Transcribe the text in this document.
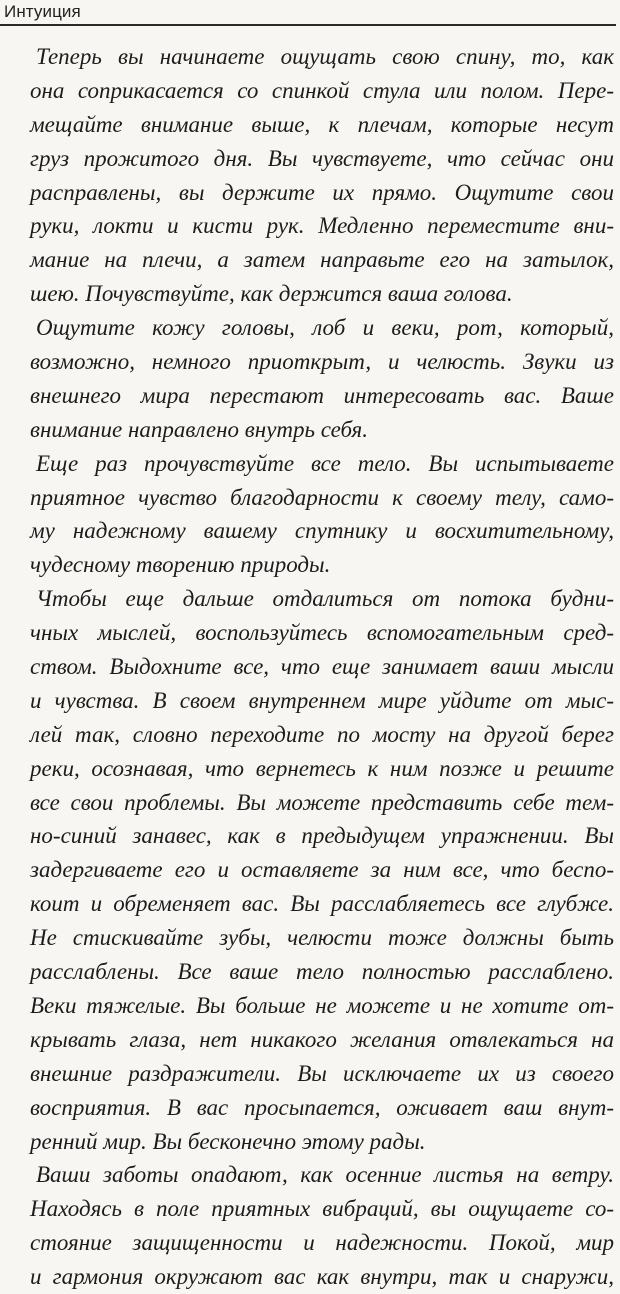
Интуиция

Теперь вы начинаете ощущать свою спину, то, как

она соприкасается со спинкой стула или полом. Пере-

мещайте внимание выше, к плечам, которые несут

груз прожитого дня. Вы чувствуете, что сейчас они

расправлены, вы держите их прямо. Ощутите свои

руки, локти и кисти рук. Медленно переместите вни-

мание на плечи, а затем направьте его на затылок,

шею. Почувствуйте, как держится ваша голова.

Ощутите кожу головы, лоб и веки, рот, который,

возможно, немного приоткрыт, и челюсть. Звуки из

внешнего мира перестают интересовать вас. Ваше

внимание направлено внутрь себя.

Еще раз прочувствуйте все тело. Вы испытываете

приятное чувство благодарности к своему телу, само-

му надежному вашему спутнику и восхитительному,

чудесному творению природы.

Чтобы еще дальше отдалиться от потока будни-

чных мыслей, воспользуйтесь вспомогательным сред-

ством. Выдохните все, что еще занимает ваши мысли

и чувства. В своем внутреннем мире уйдите от мыс-

лей так, словно переходите по мосту на другой берег

реки, осознавая, что вернетесь к ним позже и решите

все свои проблемы. Вы можете представить себе тем-

но-синий занавес, как в предыдущем упражнении. Вы

задергиваете его и оставляете за ним все, что беспо-

коит и обременяет вас. Вы расслабляетесь все глубже.

Не стискивайте зубы, челюсти тоже должны быть

расслаблены. Все ваше тело полностью расслаблено.

Веки тяжелые. Вы больше не можете и не хотите от-

крывать глаза, нет никакого желания отвлекаться на

внешние раздражители. Вы исключаете их из своего

восприятия. В вас просыпается, оживает ваш внут-

ренний мир. Вы бесконечно этому рады.

Ваши заботы опадают, как осенние листья на ветру.

Находясь в поле приятных вибраций, вы ощущаете со-

стояние защищенности и надежности. Покой, мир

и гармония окружают вас как внутри, так и снаружи,
